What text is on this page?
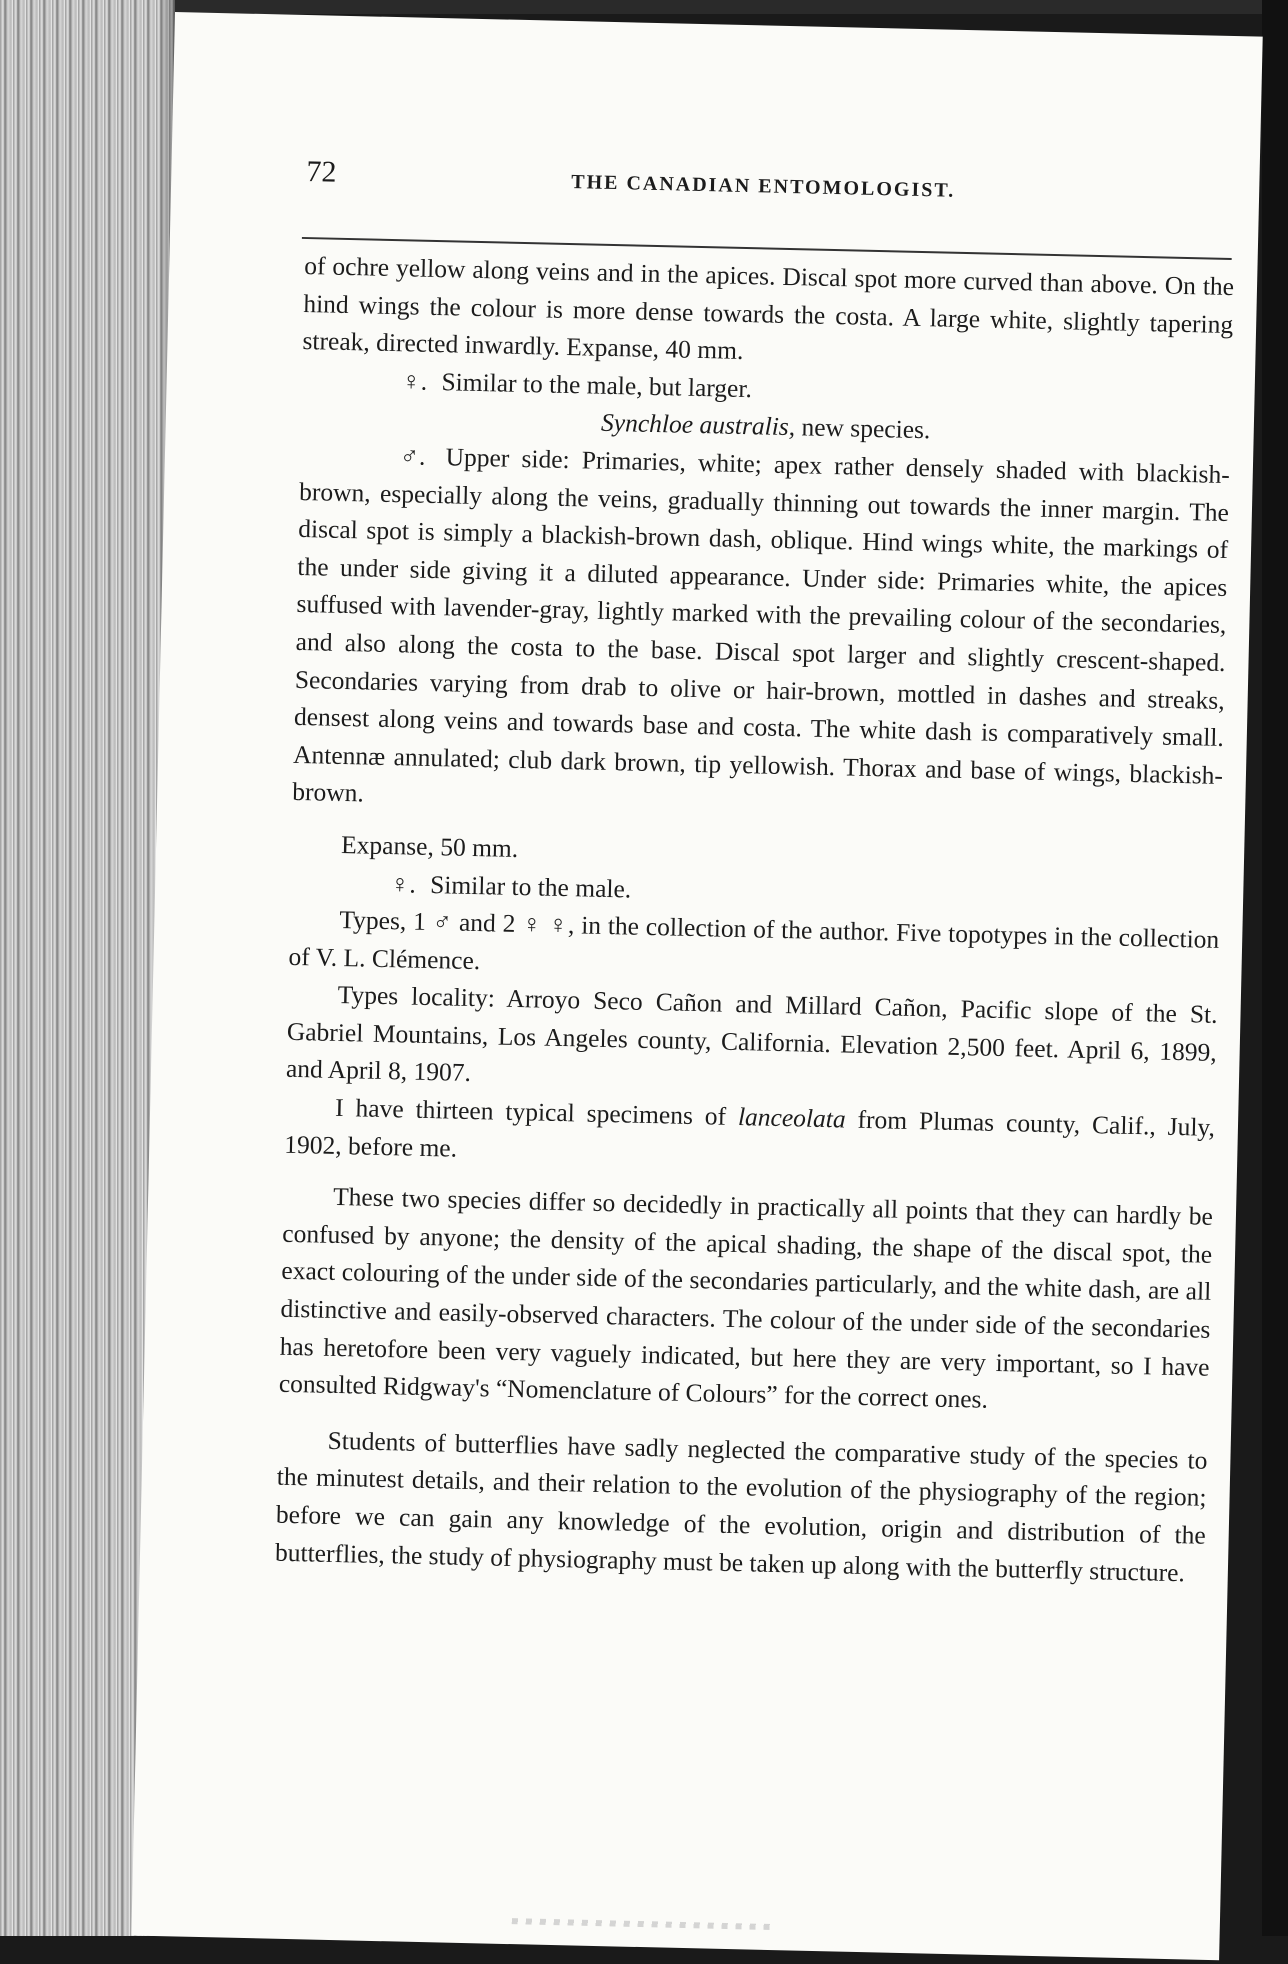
72	THE CANADIAN ENTOMOLOGIST.

of ochre yellow along veins and in the apices. Discal spot more curved than above. On the hind wings the colour is more dense towards the costa. A large white, slightly tapering streak, directed inwardly. Expanse, 40 mm.

♀. Similar to the male, but larger.

Synchloe australis, new species.

♂. Upper side: Primaries, white; apex rather densely shaded with blackish-brown, especially along the veins, gradually thinning out towards the inner margin. The discal spot is simply a blackish-brown dash, oblique. Hind wings white, the markings of the under side giving it a diluted appearance. Under side: Primaries white, the apices suffused with lavender-gray, lightly marked with the prevailing colour of the secondaries, and also along the costa to the base. Discal spot larger and slightly crescent-shaped. Secondaries varying from drab to olive or hair-brown, mottled in dashes and streaks, densest along veins and towards base and costa. The white dash is comparatively small. Antennæ annulated; club dark brown, tip yellowish. Thorax and base of wings, blackish-brown.

Expanse, 50 mm.

♀. Similar to the male.

Types, 1 ♂ and 2 ♀ ♀, in the collection of the author. Five topotypes in the collection of V. L. Clémence.

Types locality: Arroyo Seco Cañon and Millard Cañon, Pacific slope of the St. Gabriel Mountains, Los Angeles county, California. Elevation 2,500 feet. April 6, 1899, and April 8, 1907.

I have thirteen typical specimens of lanceolata from Plumas county, Calif., July, 1902, before me.

These two species differ so decidedly in practically all points that they can hardly be confused by anyone; the density of the apical shading, the shape of the discal spot, the exact colouring of the under side of the secondaries particularly, and the white dash, are all distinctive and easily-observed characters. The colour of the under side of the secondaries has heretofore been very vaguely indicated, but here they are very important, so I have consulted Ridgway's “Nomenclature of Colours” for the correct ones.

Students of butterflies have sadly neglected the comparative study of the species to the minutest details, and their relation to the evolution of the physiography of the region; before we can gain any knowledge of the evolution, origin and distribution of the butterflies, the study of physiography must be taken up along with the butterfly structure.
